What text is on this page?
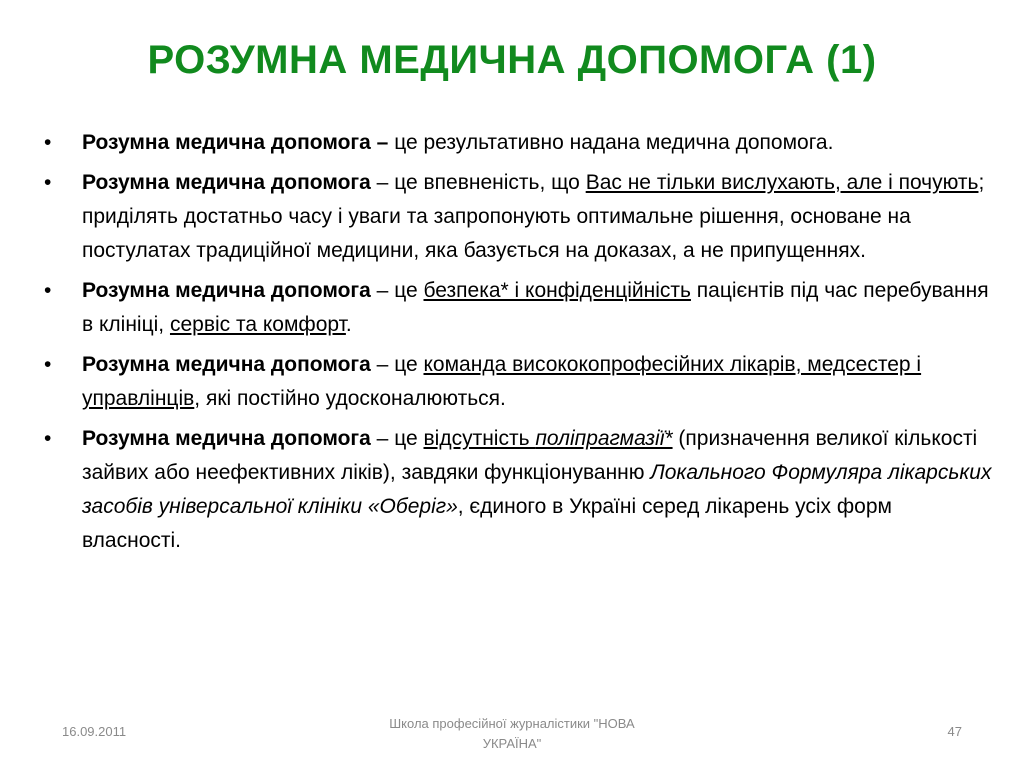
РОЗУМНА МЕДИЧНА ДОПОМОГА (1)
• Розумна медична допомога – це результативно надана медична допомога.
• Розумна медична допомога – це впевненість, що Вас не тільки вислухають, але і почують; приділять достатньо часу і уваги та запропонують оптимальне рішення, основане на постулатах традиційної медицини, яка базується на доказах, а не припущеннях.
• Розумна медична допомога – це безпека* і конфіденційність пацієнтів під час перебування в клініці, сервіс та комфорт.
• Розумна медична допомога – це команда висококопрофесійних лікарів, медсестер і управлінців, які постійно удосконалюються.
• Розумна медична допомога – це відсутність поліпрагмазії* (призначення великої кількості зайвих або неефективних ліків), завдяки функціонуванню Локального Формуляра лікарських засобів універсальної клініки «Оберіг», єдиного в Україні серед лікарень усіх форм власності.
16.09.2011
Школа професійної журналістики "НОВА
УКРАЇНА"
47
